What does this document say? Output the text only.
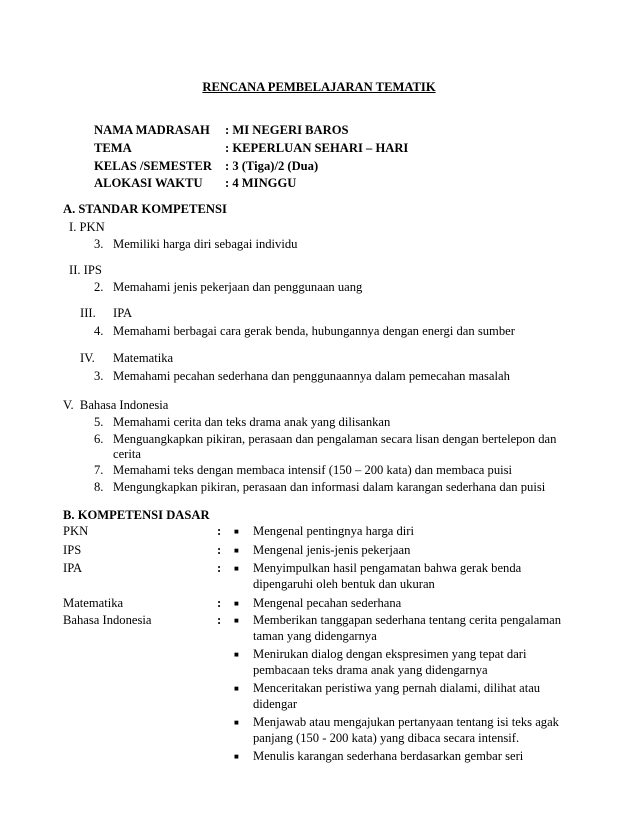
RENCANA PEMBELAJARAN TEMATIK
NAMA MADRASAH : MI NEGERI BAROS
TEMA	: KEPERLUAN SEHARI – HARI
KELAS /SEMESTER : 3 (Tiga)/2 (Dua)
ALOKASI WAKTU : 4 MINGGU
A. STANDAR KOMPETENSI
I. PKN
3. Memiliki harga diri sebagai individu
II. IPS
2. Memahami jenis pekerjaan dan penggunaan uang
III. IPA
4. Memahami berbagai cara gerak benda, hubungannya dengan energi dan sumber
IV. Matematika
3. Memahami pecahan sederhana dan penggunaannya dalam pemecahan masalah
V.  Bahasa Indonesia
5. Memahami cerita dan teks drama anak yang dilisankan
6. Menguangkapkan pikiran, perasaan dan pengalaman secara lisan dengan bertelepon dan
cerita
7. Memahami teks dengan membaca intensif (150 – 200 kata) dan membaca puisi
8. Mengungkapkan pikiran, perasaan dan informasi dalam karangan sederhana dan puisi
B. KOMPETENSI DASAR
PKN	: ■ Mengenal pentingnya harga diri
IPS	: ■ Mengenal jenis-jenis pekerjaan
IPA	: ■ Menyimpulkan hasil pengamatan bahwa gerak benda
dipengaruhi oleh bentuk dan ukuran
Matematika	: ■ Mengenal pecahan sederhana
Bahasa Indonesia	: ■ Memberikan tanggapan sederhana tentang cerita pengalaman
taman yang didengarnya
■ Menirukan dialog dengan ekspresimen yang tepat dari
pembacaan teks drama anak yang didengarnya
■ Menceritakan peristiwa yang pernah dialami, dilihat atau
didengar
■ Menjawab atau mengajukan pertanyaan tentang isi teks agak
panjang (150 - 200 kata) yang dibaca secara intensif.
■ Menulis karangan sederhana berdasarkan gembar seri
